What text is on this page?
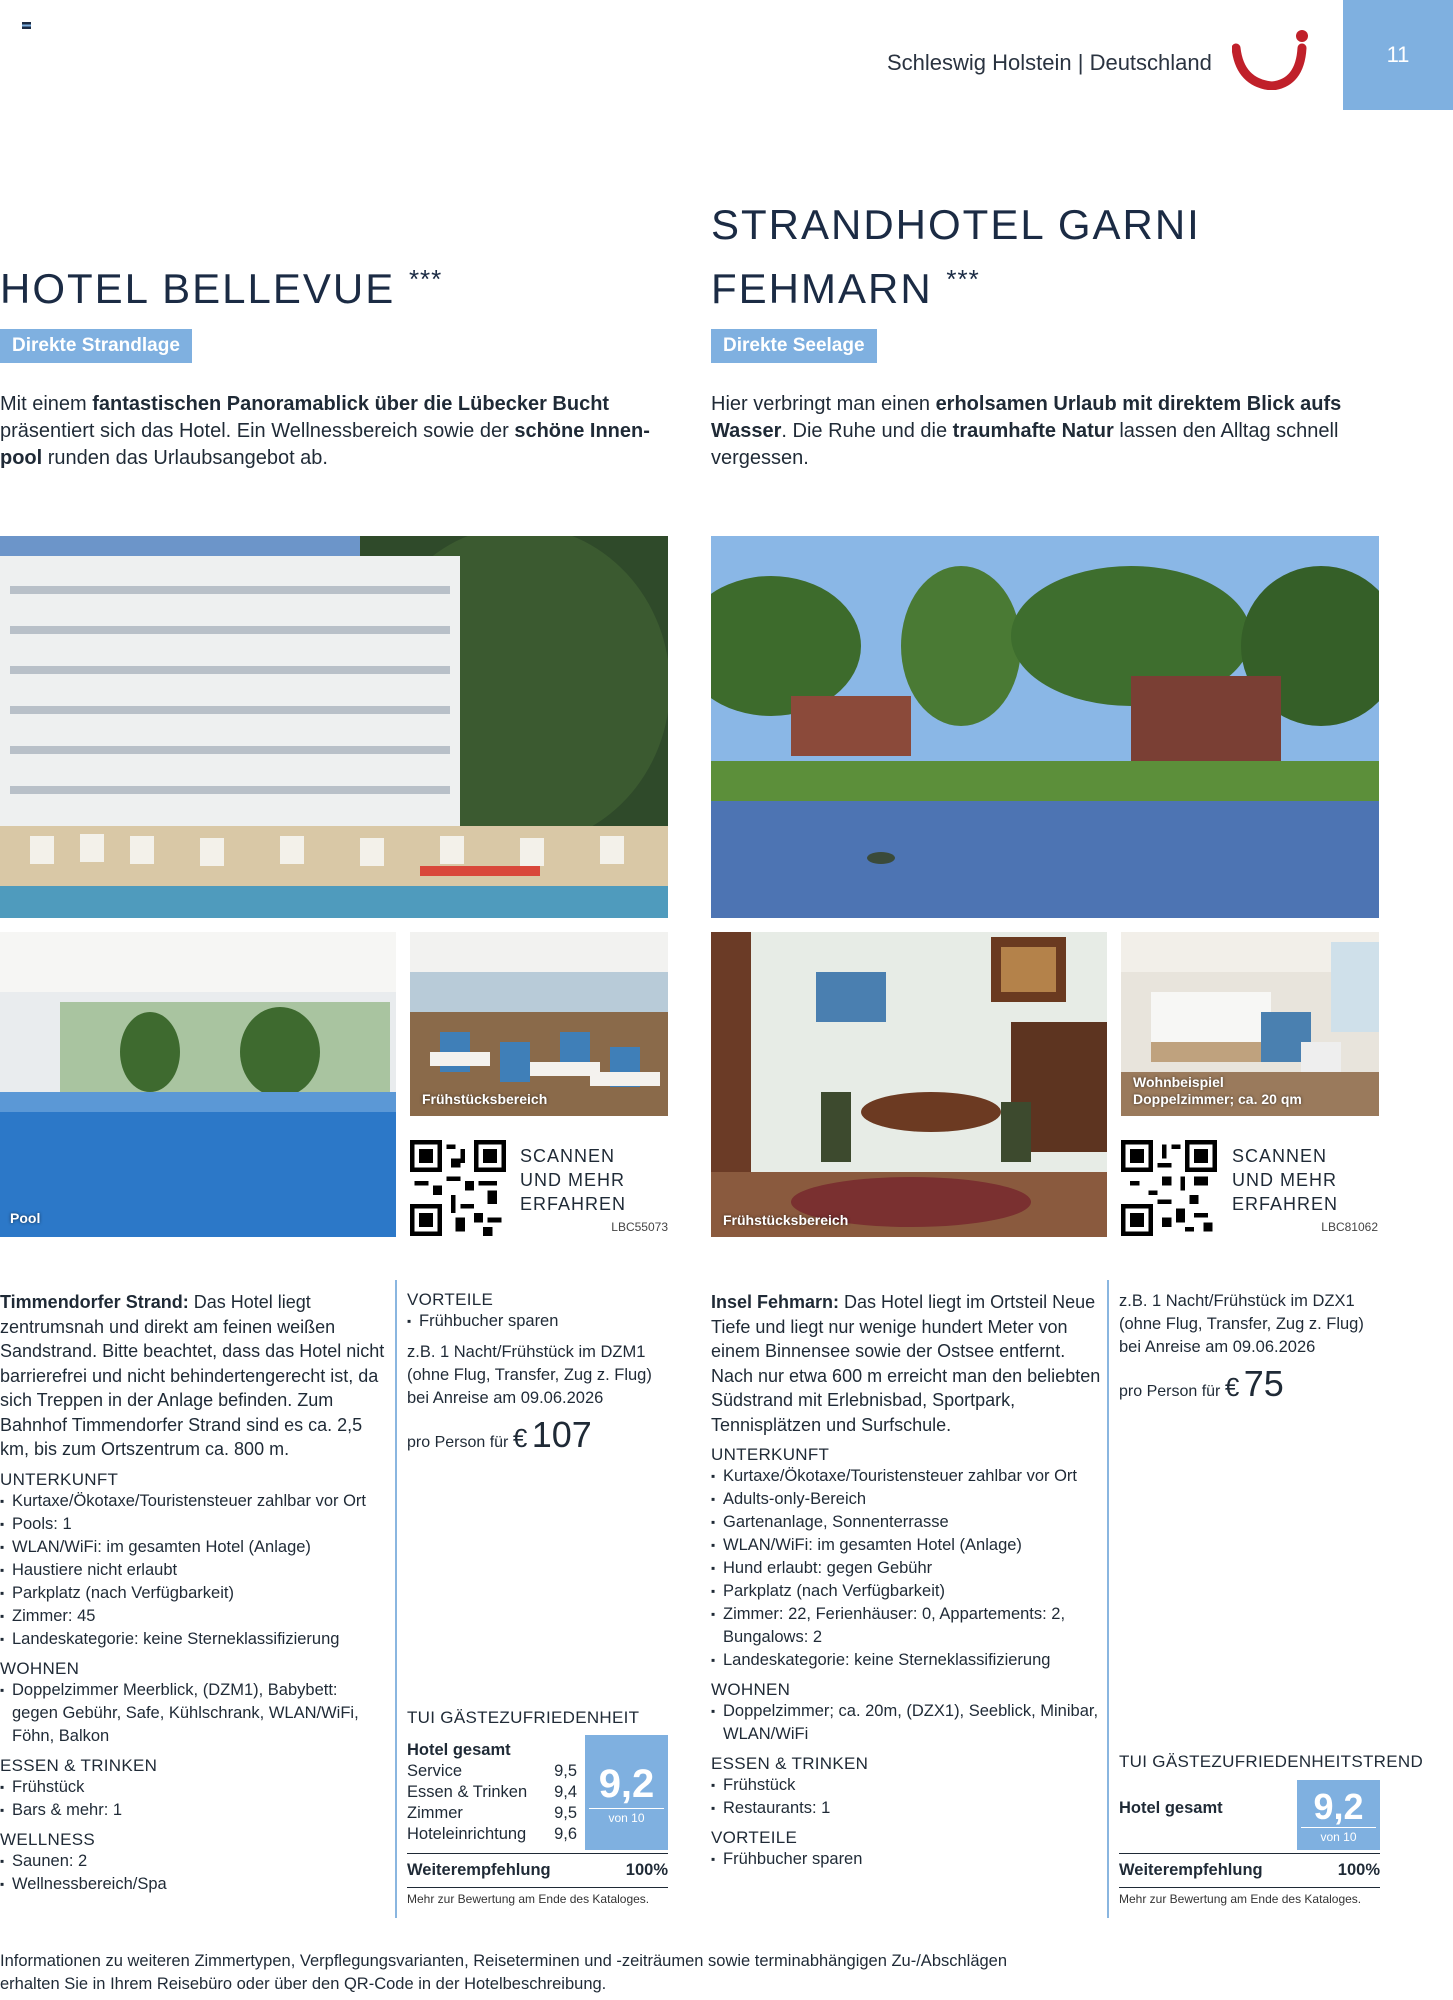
Schleswig Holstein | Deutschland	11
HOTEL BELLEVUE ***
Direkte Strandlage
Mit einem fantastischen Panoramablick über die Lübecker Bucht präsentiert sich das Hotel. Ein Wellnessbereich sowie der schöne Innen-pool runden das Urlaubsangebot ab.
STRANDHOTEL GARNI
FEHMARN ***
Direkte Seelage
Hier verbringt man einen erholsamen Urlaub mit direktem Blick aufs Wasser. Die Ruhe und die traumhafte Natur lassen den Alltag schnell vergessen.
Pool
Frühstücksbereich
SCANNEN
UND MEHR
ERFAHREN
LBC55073	Frühstücksbereich
Wohnbeispiel
Doppelzimmer; ca. 20 qm
SCANNEN
UND MEHR
ERFAHREN
LBC81062
Timmendorfer Strand: Das Hotel liegt zentrumsnah und direkt am feinen weißen Sandstrand. Bitte beachtet, dass das Hotel nicht barrierefrei und nicht behindertengerecht ist, da sich Treppen in der Anlage befinden. Zum Bahnhof Timmendorfer Strand sind es ca. 2,5 km, bis zum Ortszentrum ca. 800 m.
UNTERKUNFT
▪ Kurtaxe/Ökotaxe/Touristensteuer zahlbar vor Ort
▪ Pools: 1
▪ WLAN/WiFi: im gesamten Hotel (Anlage)
▪ Haustiere nicht erlaubt
▪ Parkplatz (nach Verfügbarkeit)
▪ Zimmer: 45
▪ Landeskategorie: keine Sterneklassifizierung
WOHNEN
▪ Doppelzimmer Meerblick, (DZM1), Babybett: gegen Gebühr, Safe, Kühlschrank, WLAN/WiFi, Föhn, Balkon
ESSEN & TRINKEN
▪ Frühstück
▪ Bars & mehr: 1
WELLNESS
▪ Saunen: 2
▪ Wellnessbereich/Spa
VORTEILE
▪ Frühbucher sparen
z.B. 1 Nacht/Frühstück im DZM1 (ohne Flug, Transfer, Zug z. Flug) bei Anreise am 09.06.2026
pro Person für € 107
TUI GÄSTEZUFRIEDENHEIT
Hotel gesamt
Service	9,5
Essen & Trinken 9,4
Zimmer	9,5
Hoteleinrichtung 9,6
9,2
von 10
Weiterempfehlung	100%
Mehr zur Bewertung am Ende des Kataloges.
Insel Fehmarn: Das Hotel liegt im Ortsteil Neue Tiefe und liegt nur wenige hundert Meter von einem Binnensee sowie der Ostsee entfernt. Nach nur etwa 600 m erreicht man den beliebten Südstrand mit Erlebnisbad, Sportpark, Tennisplätzen und Surfschule.
UNTERKUNFT
▪ Kurtaxe/Ökotaxe/Touristensteuer zahlbar vor Ort
▪ Adults-only-Bereich
▪ Gartenanlage, Sonnenterrasse
▪ WLAN/WiFi: im gesamten Hotel (Anlage)
▪ Hund erlaubt: gegen Gebühr
▪ Parkplatz (nach Verfügbarkeit)
▪ Zimmer: 22, Ferienhäuser: 0, Appartements: 2, Bungalows: 2
▪ Landeskategorie: keine Sterneklassifizierung
WOHNEN
▪ Doppelzimmer; ca. 20m, (DZX1), Seeblick, Minibar, WLAN/WiFi
ESSEN & TRINKEN
▪ Frühstück
▪ Restaurants: 1
VORTEILE
▪ Frühbucher sparen
z.B. 1 Nacht/Frühstück im DZX1 (ohne Flug, Transfer, Zug z. Flug) bei Anreise am 09.06.2026
pro Person für € 75
TUI GÄSTEZUFRIEDENHEITSTREND
Hotel gesamt	9,2
von 10
Weiterempfehlung	100%
Mehr zur Bewertung am Ende des Kataloges.
Informationen zu weiteren Zimmertypen, Verpflegungsvarianten, Reiseterminen und -zeiträumen sowie terminabhängigen Zu-/Abschlägen erhalten Sie in Ihrem Reisebüro oder über den QR-Code in der Hotelbeschreibung.
